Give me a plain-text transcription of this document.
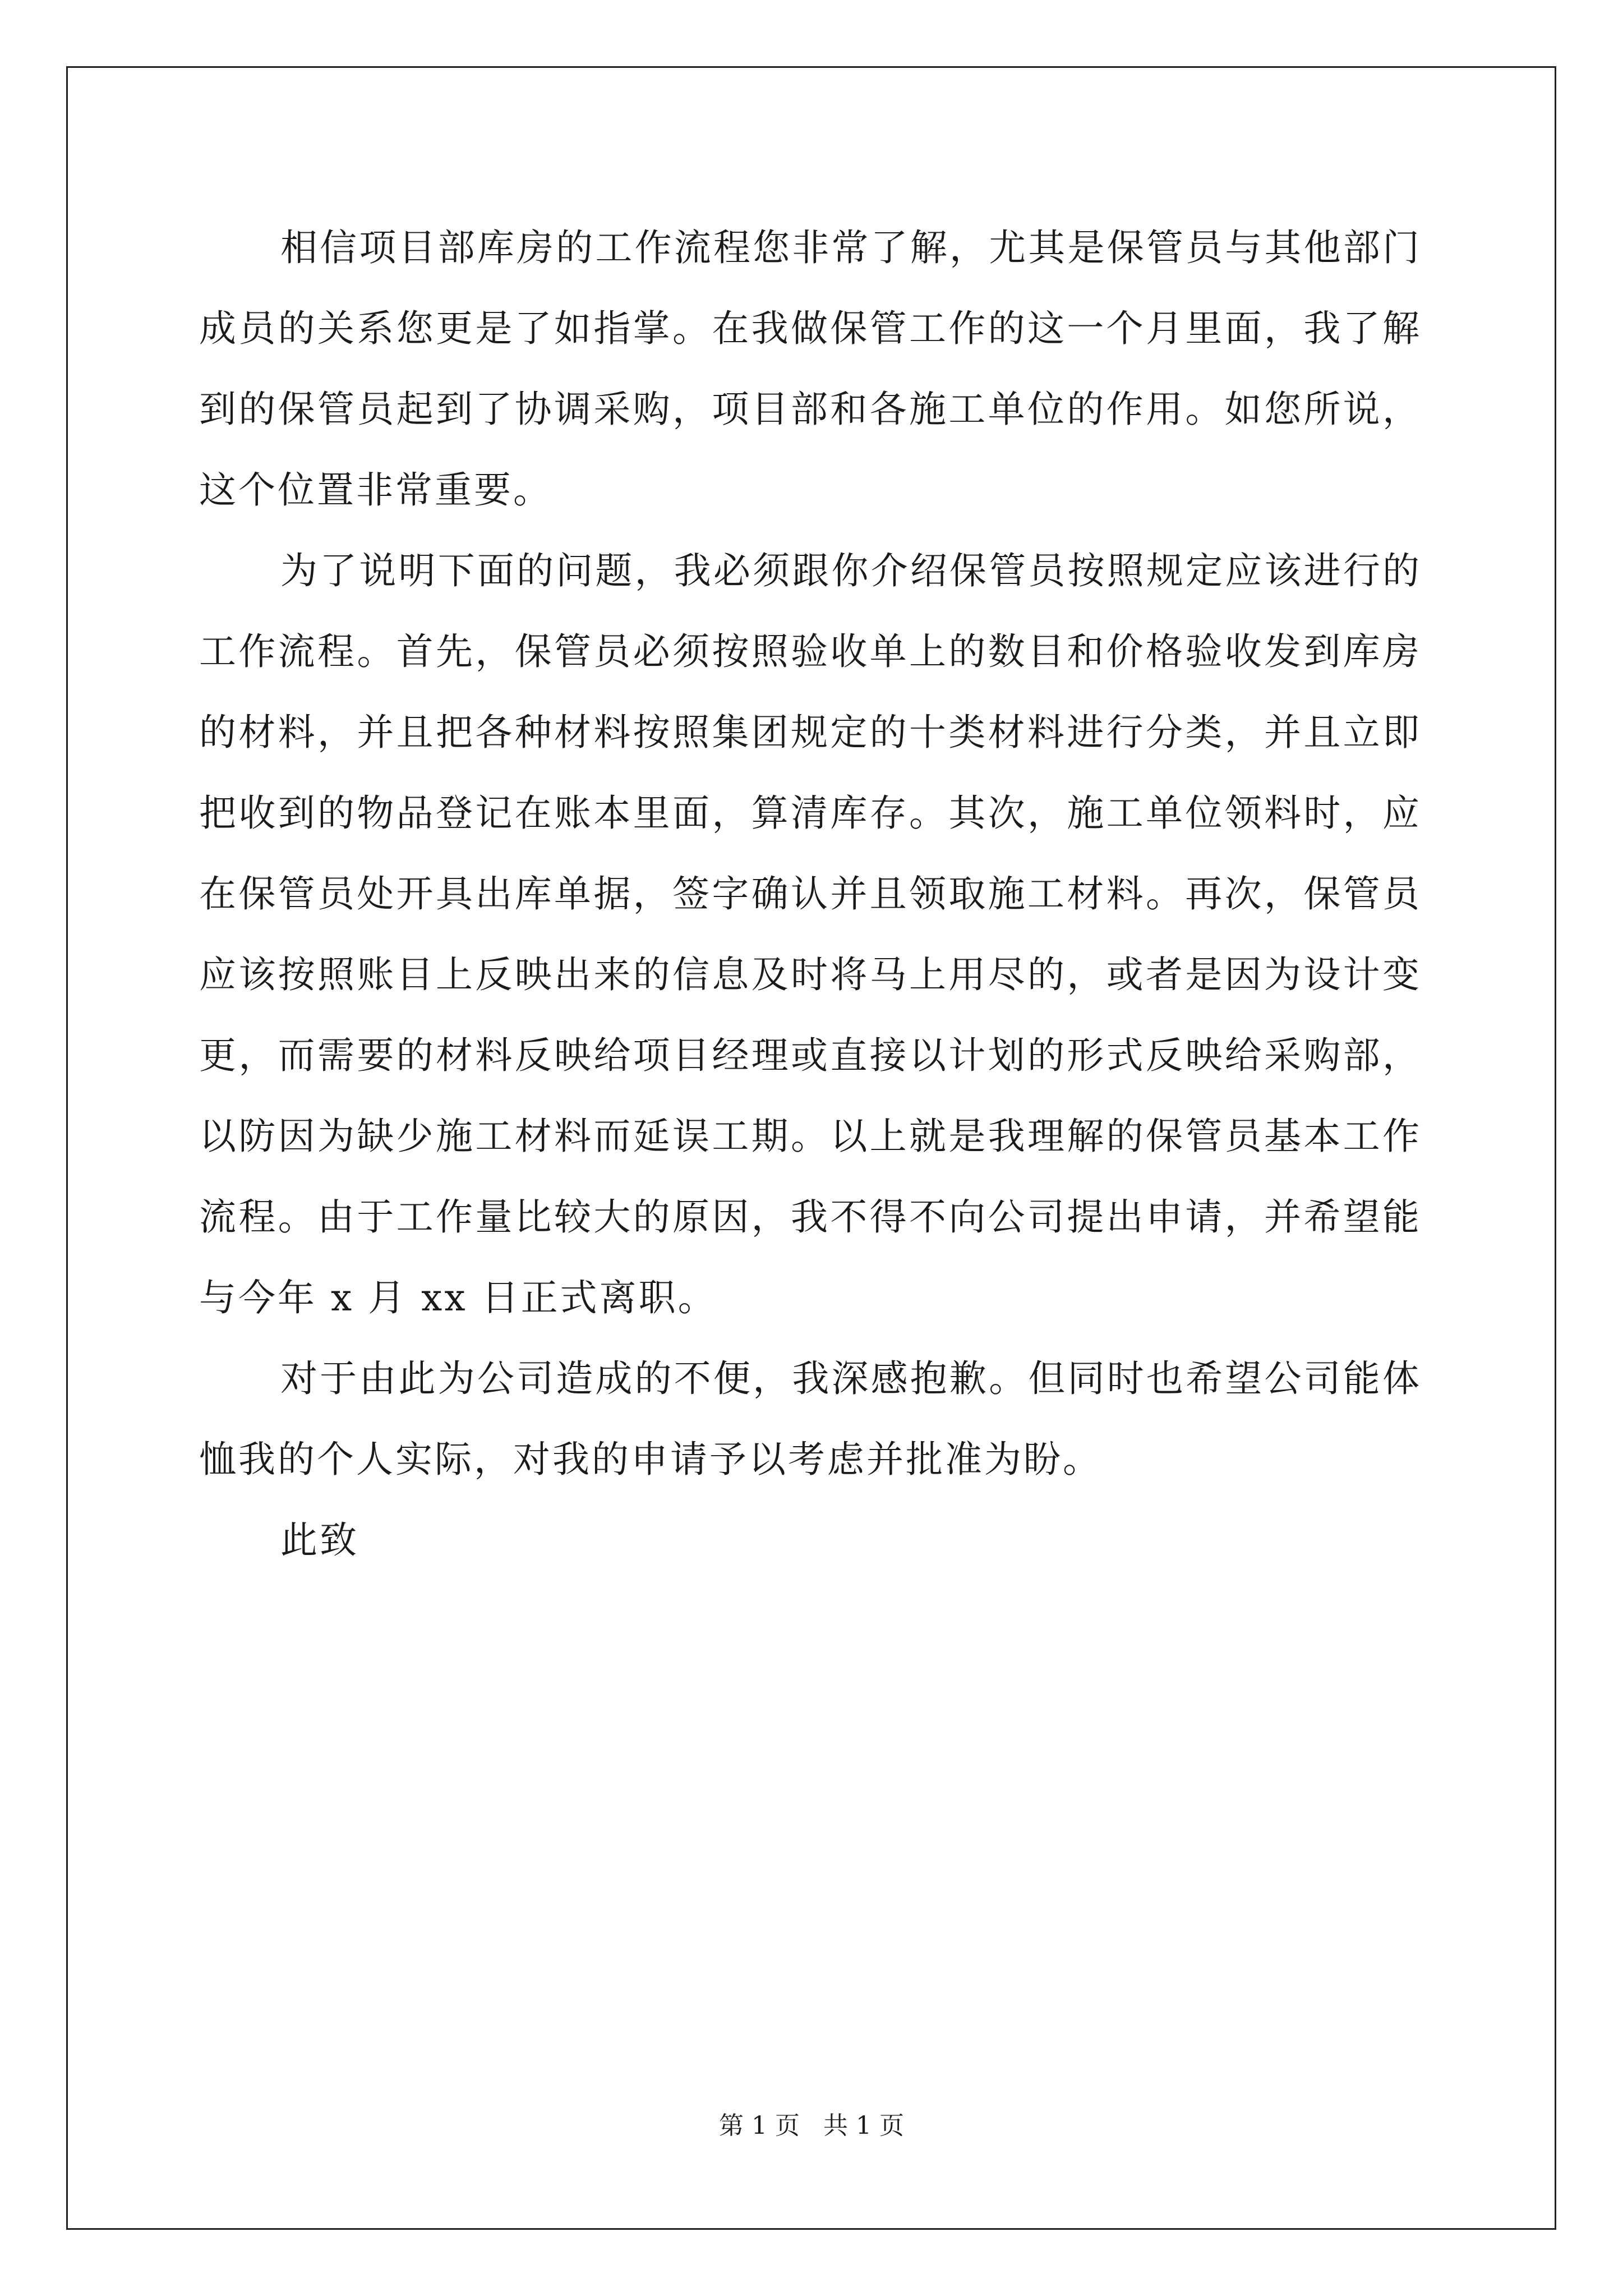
相信项目部库房的工作流程您非常了解，尤其是保管员与其他部门成员的关系您更是了如指掌。在我做保管工作的这一个月里面，我了解到的保管员起到了协调采购，项目部和各施工单位的作用。如您所说，这个位置非常重要。

为了说明下面的问题，我必须跟你介绍保管员按照规定应该进行的工作流程。首先，保管员必须按照验收单上的数目和价格验收发到库房的材料，并且把各种材料按照集团规定的十类材料进行分类，并且立即把收到的物品登记在账本里面，算清库存。其次，施工单位领料时，应在保管员处开具出库单据，签字确认并且领取施工材料。再次，保管员应该按照账目上反映出来的信息及时将马上用尽的，或者是因为设计变更，而需要的材料反映给项目经理或直接以计划的形式反映给采购部，以防因为缺少施工材料而延误工期。以上就是我理解的保管员基本工作流程。由于工作量比较大的原因，我不得不向公司提出申请，并希望能与今年 x 月 xx 日正式离职。

对于由此为公司造成的不便，我深感抱歉。但同时也希望公司能体恤我的个人实际，对我的申请予以考虑并批准为盼。

此致

第 1 页   共 1 页
